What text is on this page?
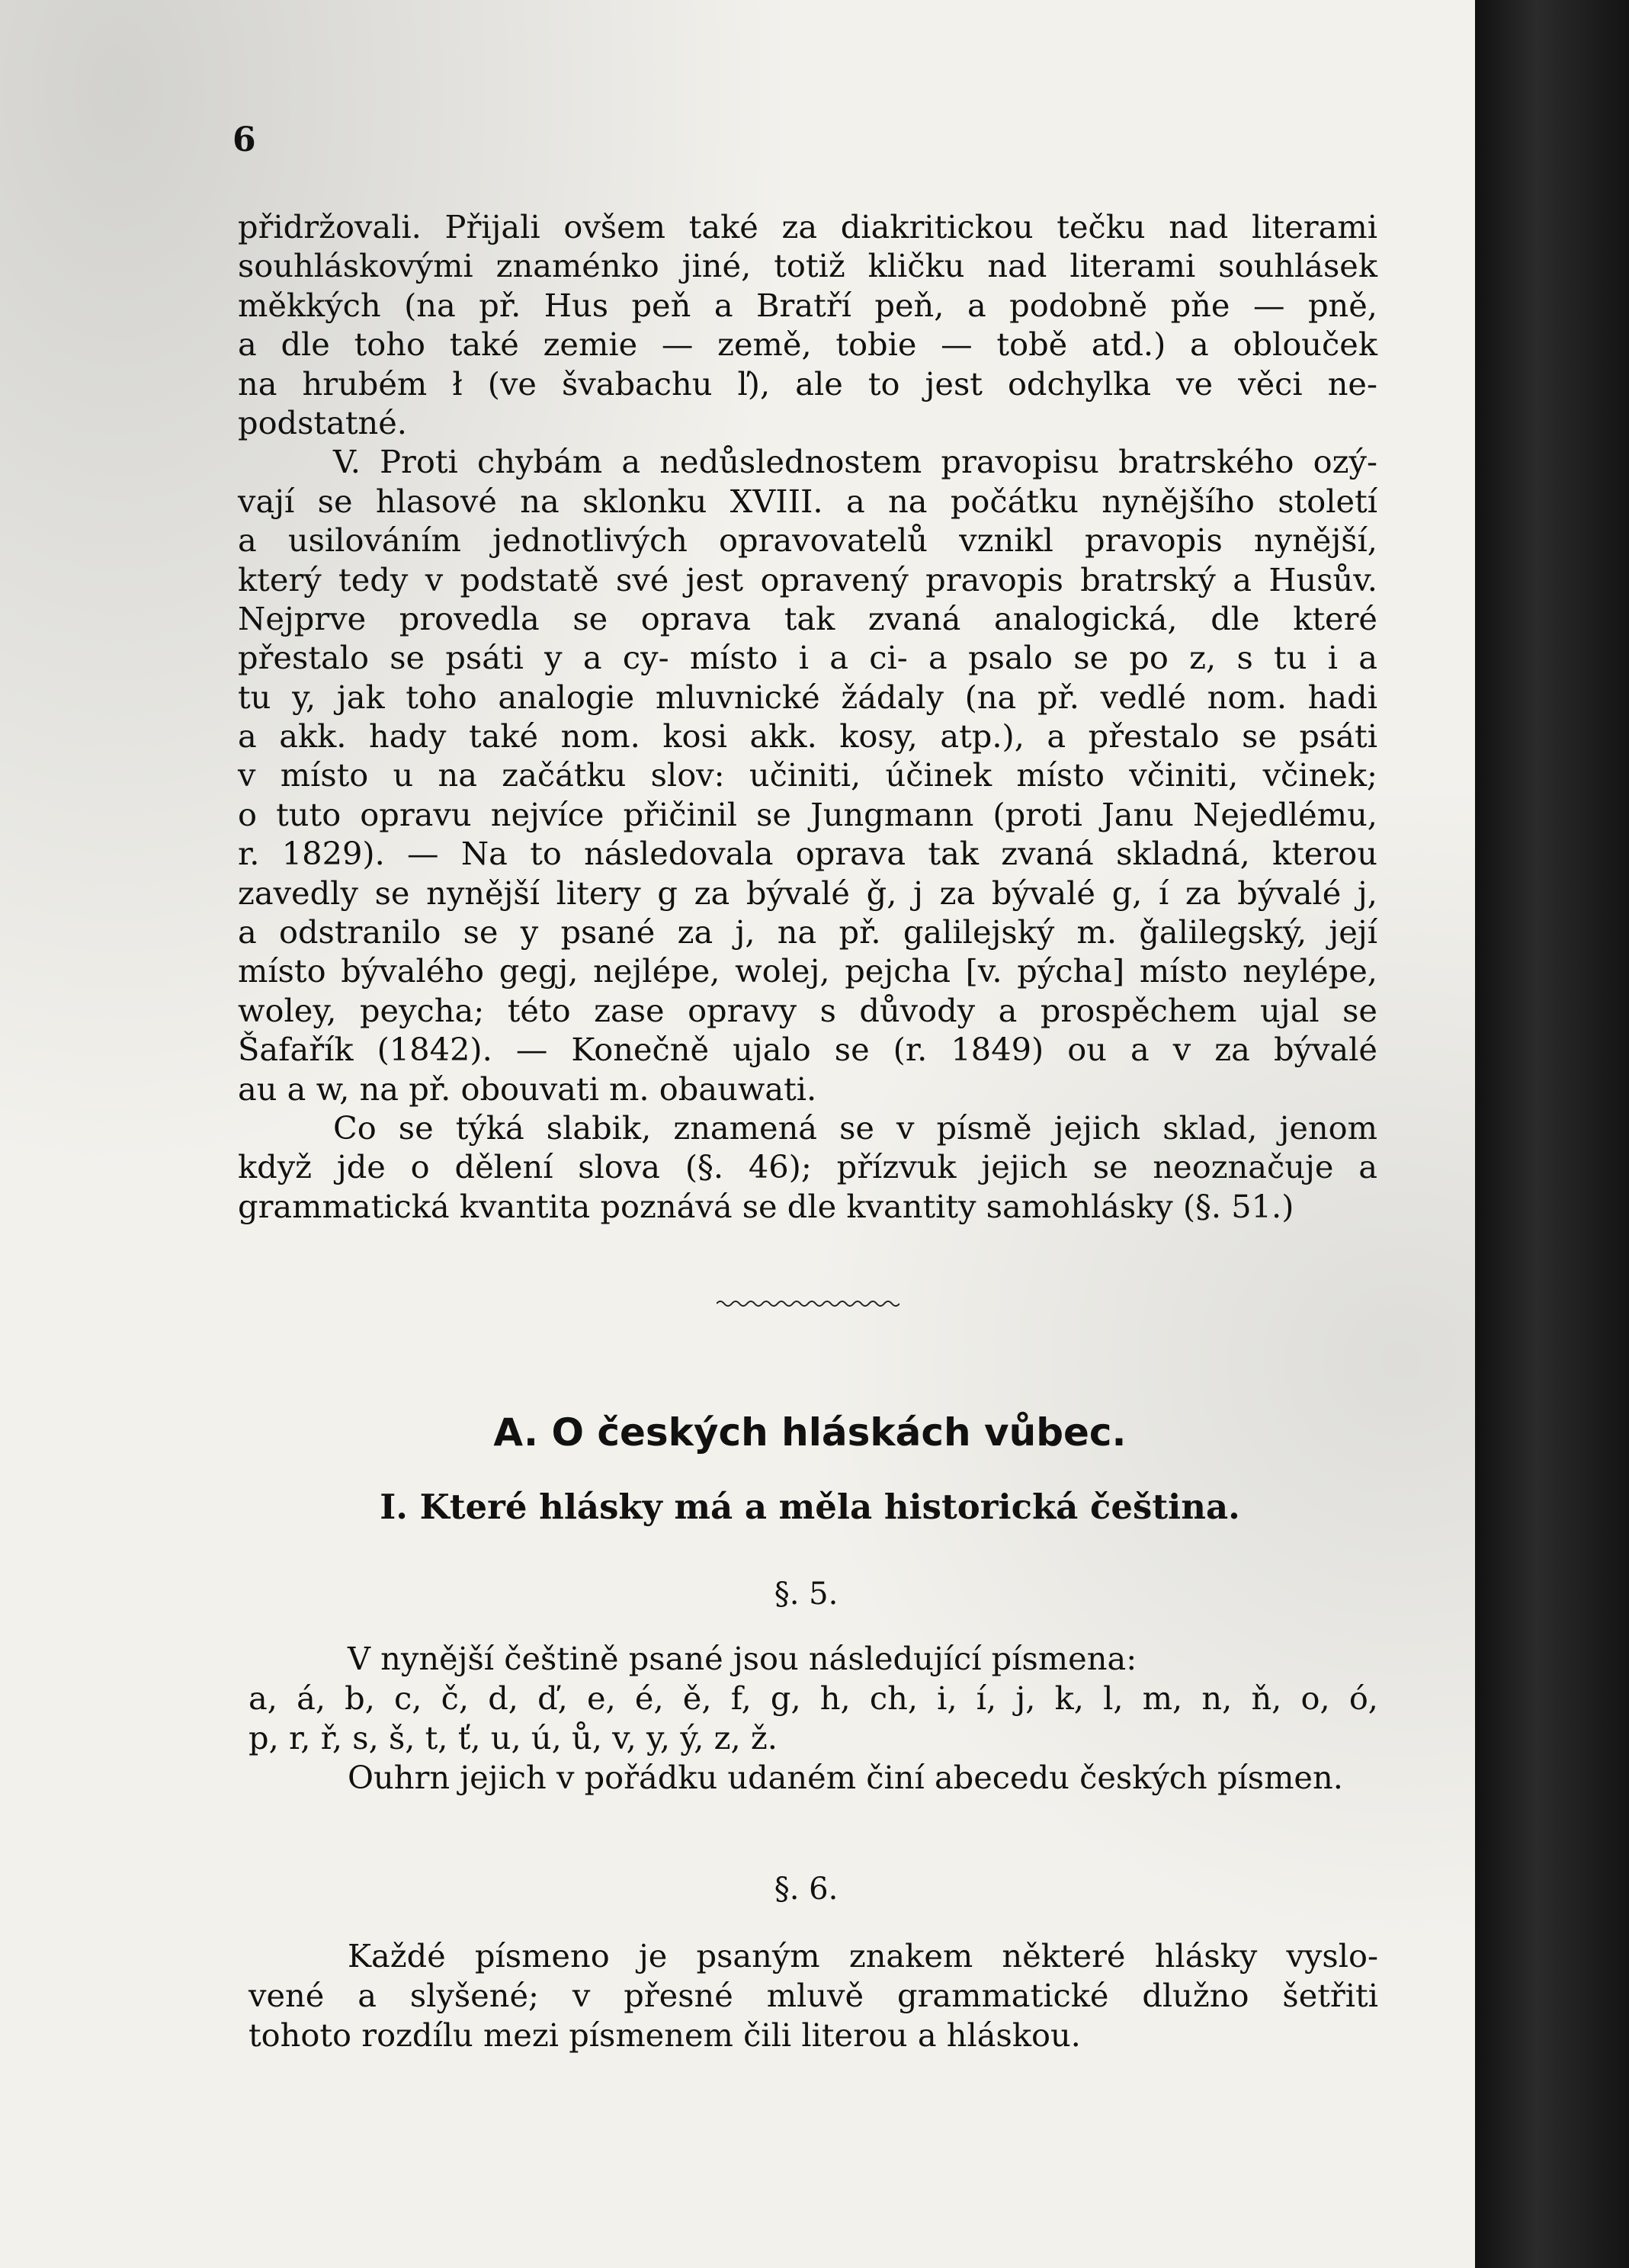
6
přidržovali. Přijali ovšem také za diakritickou tečku nad literami
souhláskovými znaménko jiné, totiž kličku nad literami souhlásek
měkkých (na př. Hus peň a Bratří peň, a podobně pňe — pně,
a dle toho také zemie — země, tobie — tobě atd.) a oblouček
na hrubém ł (ve švabachu ľ), ale to jest odchylka ve věci ne-
podstatné.
V. Proti chybám a nedůslednostem pravopisu bratrského ozý-
vají se hlasové na sklonku XVIII. a na počátku nynějšího století
a usilováním jednotlivých opravovatelů vznikl pravopis nynější,
který tedy v podstatě své jest opravený pravopis bratrský a Husův.
Nejprve provedla se oprava tak zvaná analogická, dle které
přestalo se psáti y a cy- místo i a ci- a psalo se po z, s tu i a
tu y, jak toho analogie mluvnické žádaly (na př. vedlé nom. hadi
a akk. hady také nom. kosi akk. kosy, atp.), a přestalo se psáti
v místo u na začátku slov: učiniti, účinek místo včiniti, včinek;
o tuto opravu nejvíce přičinil se Jungmann (proti Janu Nejedlému,
r. 1829). — Na to následovala oprava tak zvaná skladná, kterou
zavedly se nynější litery g za bývalé ǧ, j za bývalé g, í za bývalé j,
a odstranilo se y psané za j, na př. galilejský m. ǧalilegský, její
místo bývalého gegj, nejlépe, wolej, pejcha [v. pýcha] místo neylépe,
woley, peycha; této zase opravy s důvody a prospěchem ujal se
Šafařík (1842). — Konečně ujalo se (r. 1849) ou a v za bývalé
au a w, na př. obouvati m. obauwati.
Co se týká slabik, znamená se v písmě jejich sklad, jenom
když jde o dělení slova (§. 46); přízvuk jejich se neoznačuje a
grammatická kvantita poznává se dle kvantity samohlásky (§. 51.)
A. O českých hláskách vůbec.
I. Které hlásky má a měla historická čeština.
§. 5.
V nynější češtině psané jsou následující písmena:
a, á, b, c, č, d, ď, e, é, ě, f, g, h, ch, i, í, j, k, l, m, n, ň, o, ó,
p, r, ř, s, š, t, ť, u, ú, ů, v, y, ý, z, ž.
Ouhrn jejich v pořádku udaném činí abecedu českých písmen.
§. 6.
Každé písmeno je psaným znakem některé hlásky vyslo-
vené a slyšené; v přesné mluvě grammatické dlužno šetřiti
tohoto rozdílu mezi písmenem čili literou a hláskou.
